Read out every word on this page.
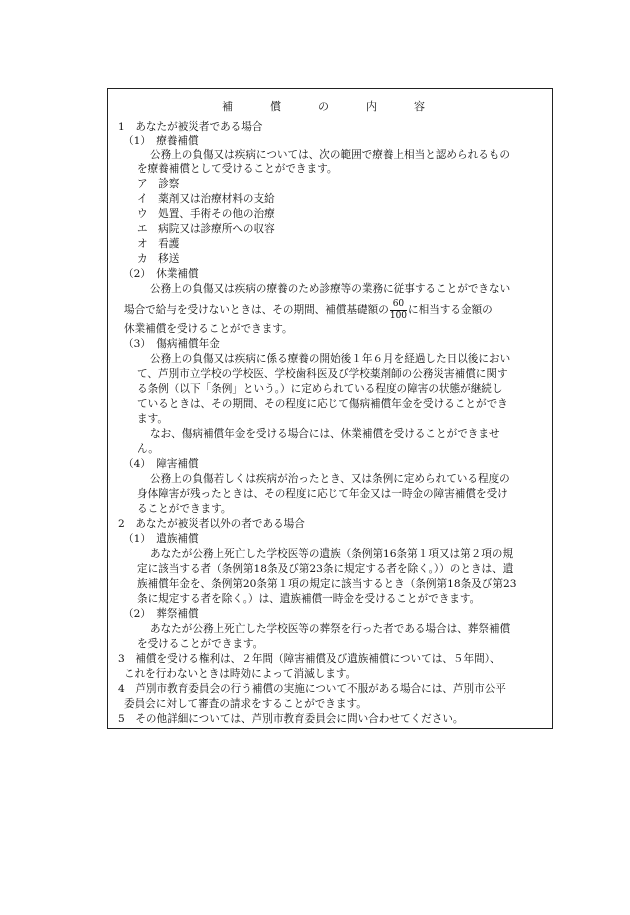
補　償　の　内　容
1　あなたが被災者である場合
（1）　療養補償
公務上の負傷又は疾病については、次の範囲で療養上相当と認められるもの
を療養補償として受けることができます。
ア　診察
イ　薬剤又は治療材料の支給
ウ　処置、手術その他の治療
エ　病院又は診療所への収容
オ　看護
カ　移送
（2）　休業補償
公務上の負傷又は疾病の療養のため診療等の業務に従事することができない
場合で給与を受けないときは、その期間、補償基礎額の $\frac{60}{100}$ に相当する金額の
休業補償を受けることができます。
（3）　傷病補償年金
公務上の負傷又は疾病に係る療養の開始後１年６月を経過した日以後におい
て、芦別市立学校の学校医、学校歯科医及び学校薬剤師の公務災害補償に関す
る条例（以下「条例」という。）に定められている程度の障害の状態が継続し
ているときは、その期間、その程度に応じて傷病補償年金を受けることができ
ます。
なお、傷病補償年金を受ける場合には、休業補償を受けることができませ
ん。
（4）　障害補償
公務上の負傷若しくは疾病が治ったとき、又は条例に定められている程度の
身体障害が残ったときは、その程度に応じて年金又は一時金の障害補償を受け
ることができます。
2　あなたが被災者以外の者である場合
（1）　遺族補償
あなたが公務上死亡した学校医等の遺族（条例第16条第１項又は第２項の規
定に該当する者（条例第18条及び第23条に規定する者を除く。））のときは、遺
族補償年金を、条例第20条第１項の規定に該当するとき（条例第18条及び第23
条に規定する者を除く。）は、遺族補償一時金を受けることができます。
（2）　葬祭補償
あなたが公務上死亡した学校医等の葬祭を行った者である場合は、葬祭補償
を受けることができます。
3　補償を受ける権利は、２年間（障害補償及び遺族補償については、５年間）、
これを行わないときは時効によって消滅します。
4　芦別市教育委員会の行う補償の実施について不服がある場合には、芦別市公平
委員会に対して審査の請求をすることができます。
5　その他詳細については、芦別市教育委員会に問い合わせてください。
